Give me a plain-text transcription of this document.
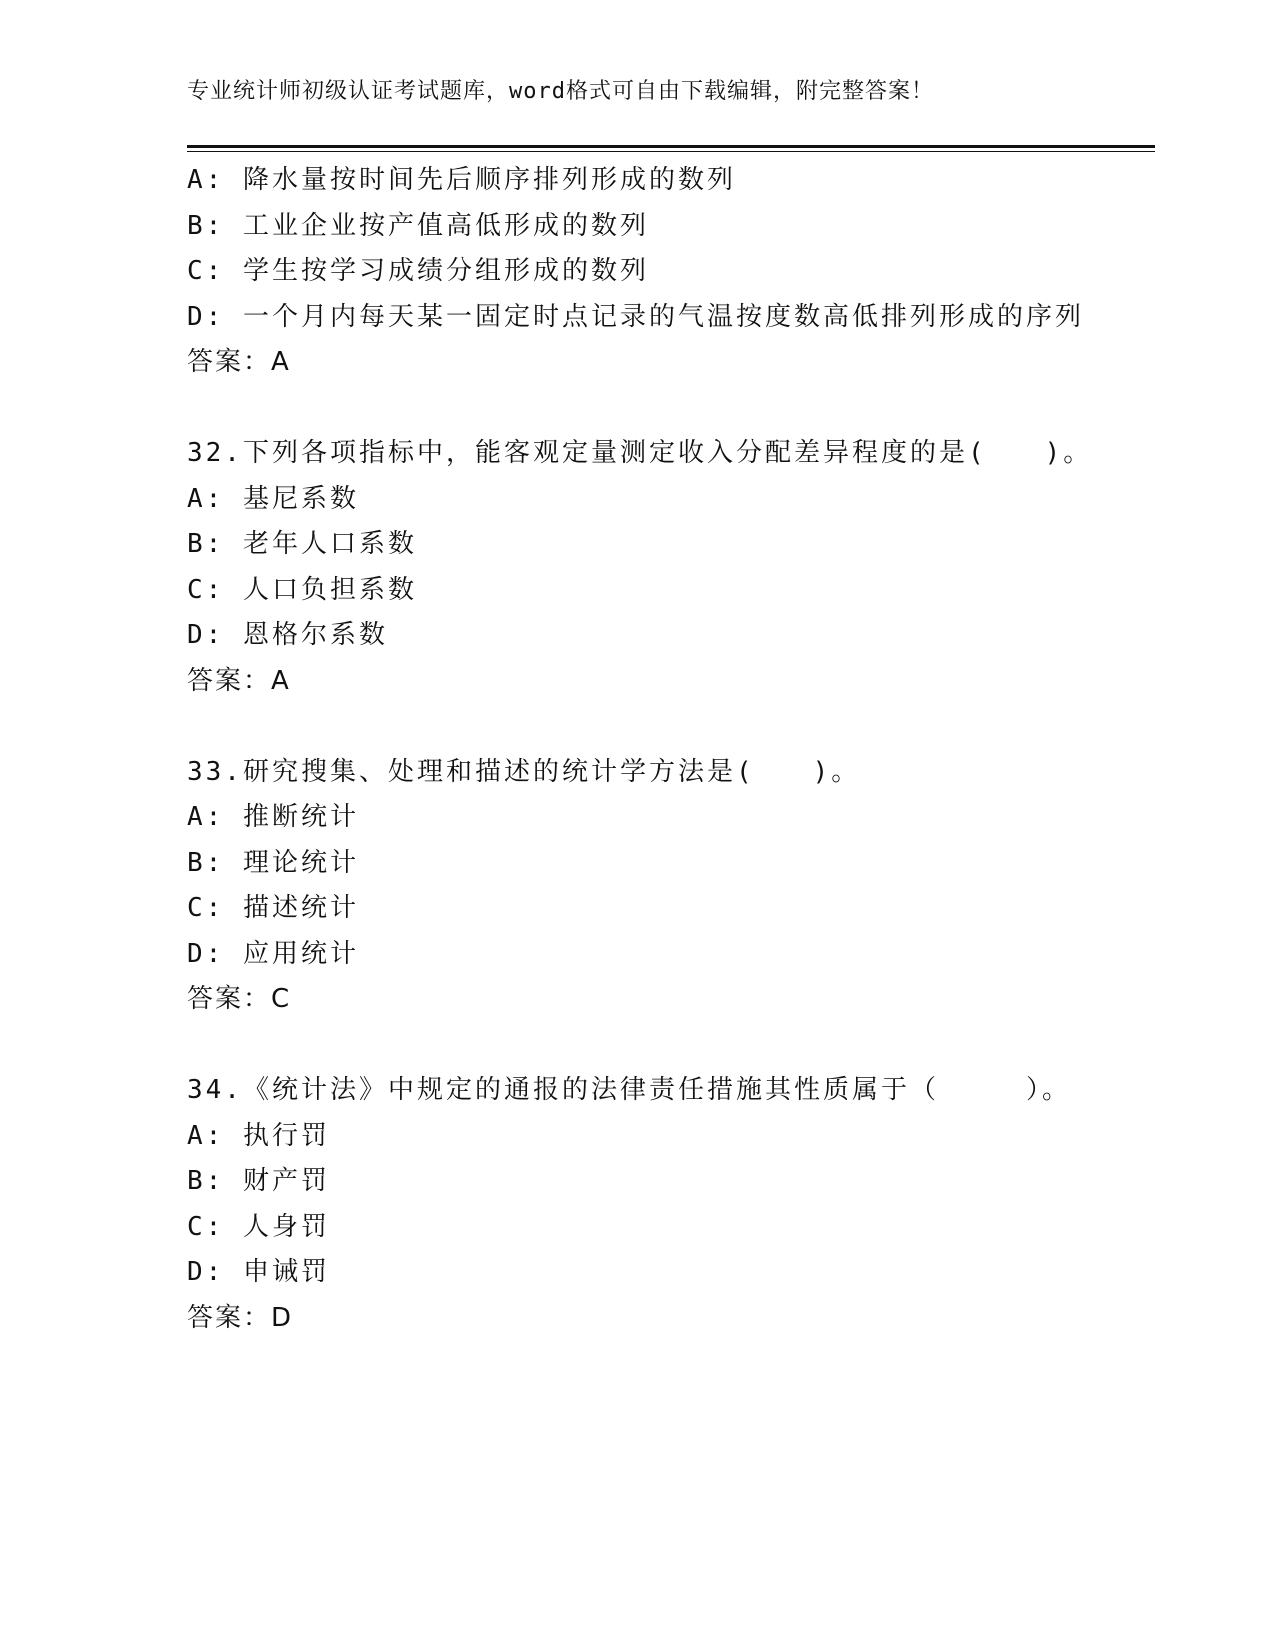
专业统计师初级认证考试题库，word格式可自由下载编辑，附完整答案！
A: 降水量按时间先后顺序排列形成的数列
B: 工业企业按产值高低形成的数列
C: 学生按学习成绩分组形成的数列
D: 一个月内每天某一固定时点记录的气温按度数高低排列形成的序列
答案：A
32.下列各项指标中，能客观定量测定收入分配差异程度的是(　　)。
A: 基尼系数
B: 老年人口系数
C: 人口负担系数
D: 恩格尔系数
答案：A
33.研究搜集、处理和描述的统计学方法是(　　)。
A: 推断统计
B: 理论统计
C: 描述统计
D: 应用统计
答案：C
34.《统计法》中规定的通报的法律责任措施其性质属于（　　　）。
A: 执行罚
B: 财产罚
C: 人身罚
D: 申诫罚
答案：D
